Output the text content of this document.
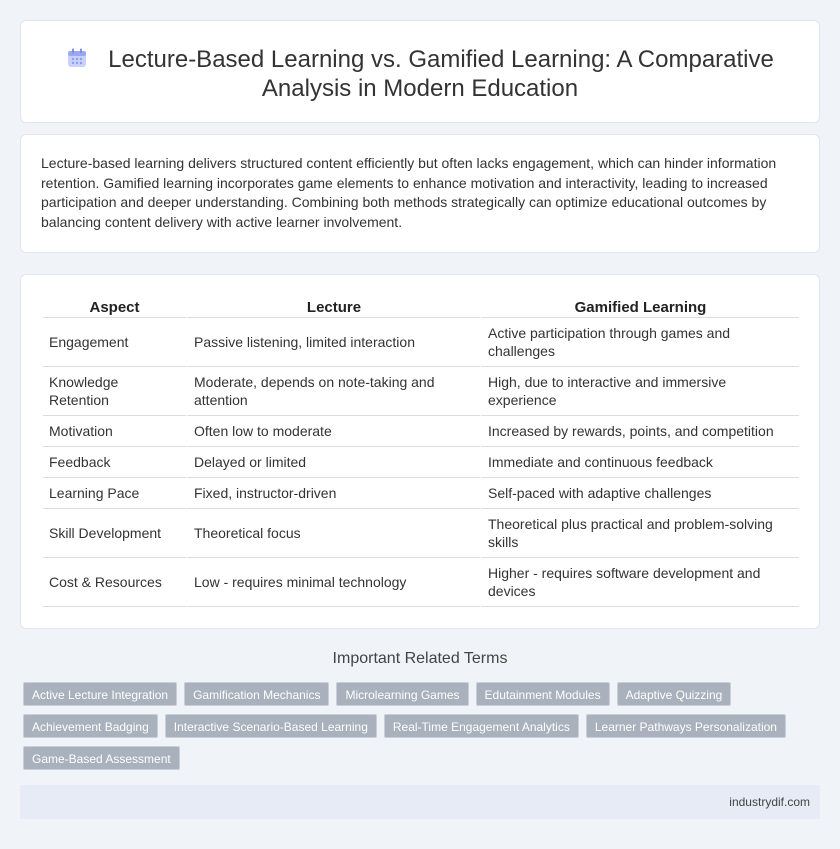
Lecture-Based Learning vs. Gamified Learning: A Comparative Analysis in Modern Education

Lecture-based learning delivers structured content efficiently but often lacks engagement, which can hinder information retention. Gamified learning incorporates game elements to enhance motivation and interactivity, leading to increased participation and deeper understanding. Combining both methods strategically can optimize educational outcomes by balancing content delivery with active learner involvement.

Aspect	Lecture	Gamified Learning
Engagement	Passive listening, limited interaction	Active participation through games and challenges
Knowledge Retention	Moderate, depends on note-taking and attention	High, due to interactive and immersive experience
Motivation	Often low to moderate	Increased by rewards, points, and competition
Feedback	Delayed or limited	Immediate and continuous feedback
Learning Pace	Fixed, instructor-driven	Self-paced with adaptive challenges
Skill Development	Theoretical focus	Theoretical plus practical and problem-solving skills
Cost & Resources	Low - requires minimal technology	Higher - requires software development and devices
Important Related Terms
Active Lecture Integration	Gamification Mechanics	Microlearning Games	Edutainment Modules	Adaptive Quizzing
Achievement Badging	Interactive Scenario-Based Learning	Real-Time Engagement Analytics	Learner Pathways Personalization
Game-Based Assessment
industrydif.com
